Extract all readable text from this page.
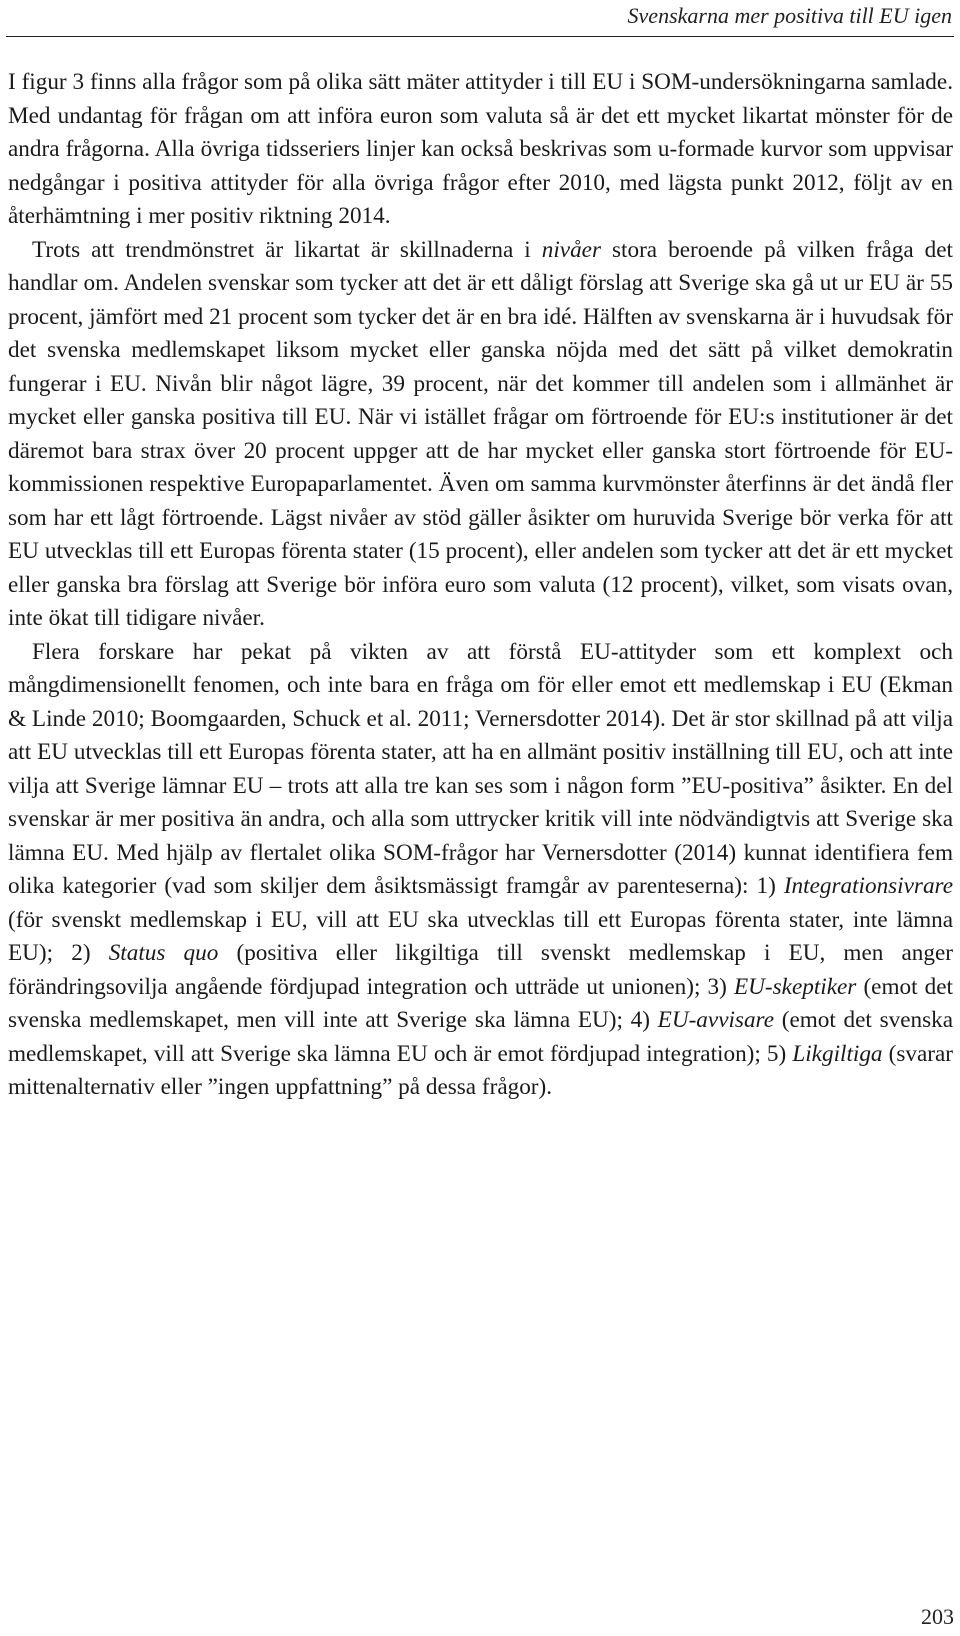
Svenskarna mer positiva till EU igen

I figur 3 finns alla frågor som på olika sätt mäter attityder i till EU i SOM-undersökningarna samlade. Med undantag för frågan om att införa euron som valuta så är det ett mycket likartat mönster för de andra frågorna. Alla övriga tidsseriers linjer kan också beskrivas som u-formade kurvor som uppvisar nedgångar i positiva attityder för alla övriga frågor efter 2010, med lägsta punkt 2012, följt av en återhämtning i mer positiv riktning 2014.

Trots att trendmönstret är likartat är skillnaderna i nivåer stora beroende på vilken fråga det handlar om. Andelen svenskar som tycker att det är ett dåligt förslag att Sverige ska gå ut ur EU är 55 procent, jämfört med 21 procent som tycker det är en bra idé. Hälften av svenskarna är i huvudsak för det svenska medlemskapet liksom mycket eller ganska nöjda med det sätt på vilket demokratin fungerar i EU. Nivån blir något lägre, 39 procent, när det kommer till andelen som i allmänhet är mycket eller ganska positiva till EU. När vi istället frågar om förtroende för EU:s institutioner är det däremot bara strax över 20 procent uppger att de har mycket eller ganska stort förtroende för EU-kommissionen respektive Europaparlamentet. Även om samma kurvmönster återfinns är det ändå fler som har ett lågt förtroende. Lägst nivåer av stöd gäller åsikter om huruvida Sverige bör verka för att EU utvecklas till ett Europas förenta stater (15 procent), eller andelen som tycker att det är ett mycket eller ganska bra förslag att Sverige bör införa euro som valuta (12 procent), vilket, som visats ovan, inte ökat till tidigare nivåer.

Flera forskare har pekat på vikten av att förstå EU-attityder som ett komplext och mångdimensionellt fenomen, och inte bara en fråga om för eller emot ett medlemskap i EU (Ekman & Linde 2010; Boomgaarden, Schuck et al. 2011; Vernersdotter 2014). Det är stor skillnad på att vilja att EU utvecklas till ett Europas förenta stater, att ha en allmänt positiv inställning till EU, och att inte vilja att Sverige lämnar EU – trots att alla tre kan ses som i någon form ”EU-positiva” åsikter. En del svenskar är mer positiva än andra, och alla som uttrycker kritik vill inte nödvändigtvis att Sverige ska lämna EU. Med hjälp av flertalet olika SOM-frågor har Vernersdotter (2014) kunnat identifiera fem olika kategorier (vad som skiljer dem åsiktsmässigt framgår av parenteserna): 1) Integrationsivrare (för svenskt medlemskap i EU, vill att EU ska utvecklas till ett Europas förenta stater, inte lämna EU); 2) Status quo (positiva eller likgiltiga till svenskt medlemskap i EU, men anger förändringsovilja angående fördjupad integration och utträde ut unionen); 3) EU-skeptiker (emot det svenska medlemskapet, men vill inte att Sverige ska lämna EU); 4) EU-avvisare (emot det svenska medlemskapet, vill att Sverige ska lämna EU och är emot fördjupad integration); 5) Likgiltiga (svarar mittenalternativ eller ”ingen uppfattning” på dessa frågor).

203
